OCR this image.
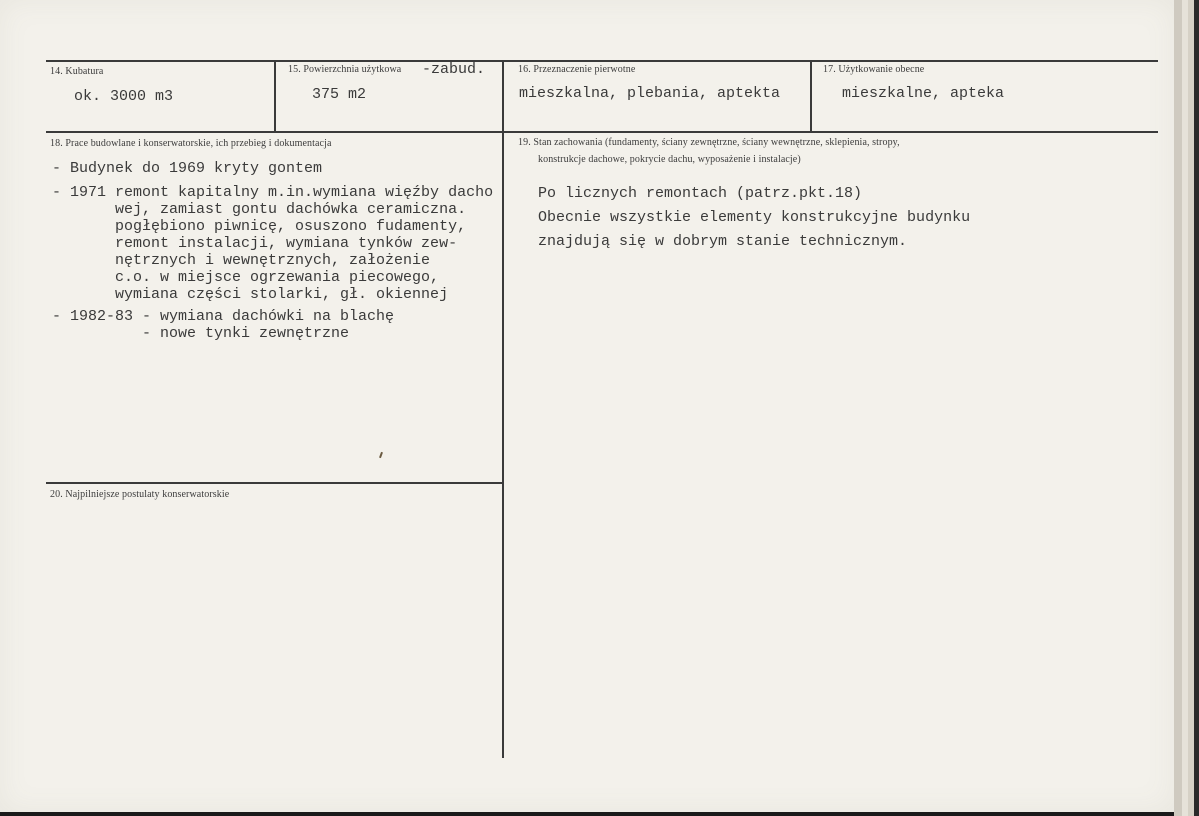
14. Kubatura	15. Powierzchnia użytkowa -zabud.	16. Przeznaczenie pierwotne	17. Użytkowanie obecne
ok. 3000 m3	375 m2	mieszkalna, plebania, aptekta	mieszkalne, apteka
18. Prace budowlane i konserwatorskie, ich przebieg i dokumentacja
- Budynek do 1969 kryty gontem
- 1971 remont kapitalny m.in.wymiana więźby dacho
wej, zamiast gontu dachówka ceramiczna.
pogłębiono piwnicę, osuszono fudamenty,
remont instalacji, wymiana tynków zew-
nętrznych i wewnętrznych, założenie
c.o. w miejsce ogrzewania piecowego,
wymiana części stolarki, gł. okiennej
- 1982-83 - wymiana dachówki na blachę
- nowe tynki zewnętrzne
19. Stan zachowania (fundamenty, ściany zewnętrzne, ściany wewnętrzne, sklepienia, stropy,
konstrukcje dachowe, pokrycie dachu, wyposażenie i instalacje)
Po licznych remontach (patrz.pkt.18)
Obecnie wszystkie elementy konstrukcyjne budynku
znajdują się w dobrym stanie technicznym.
20. Najpilniejsze postulaty konserwatorskie
